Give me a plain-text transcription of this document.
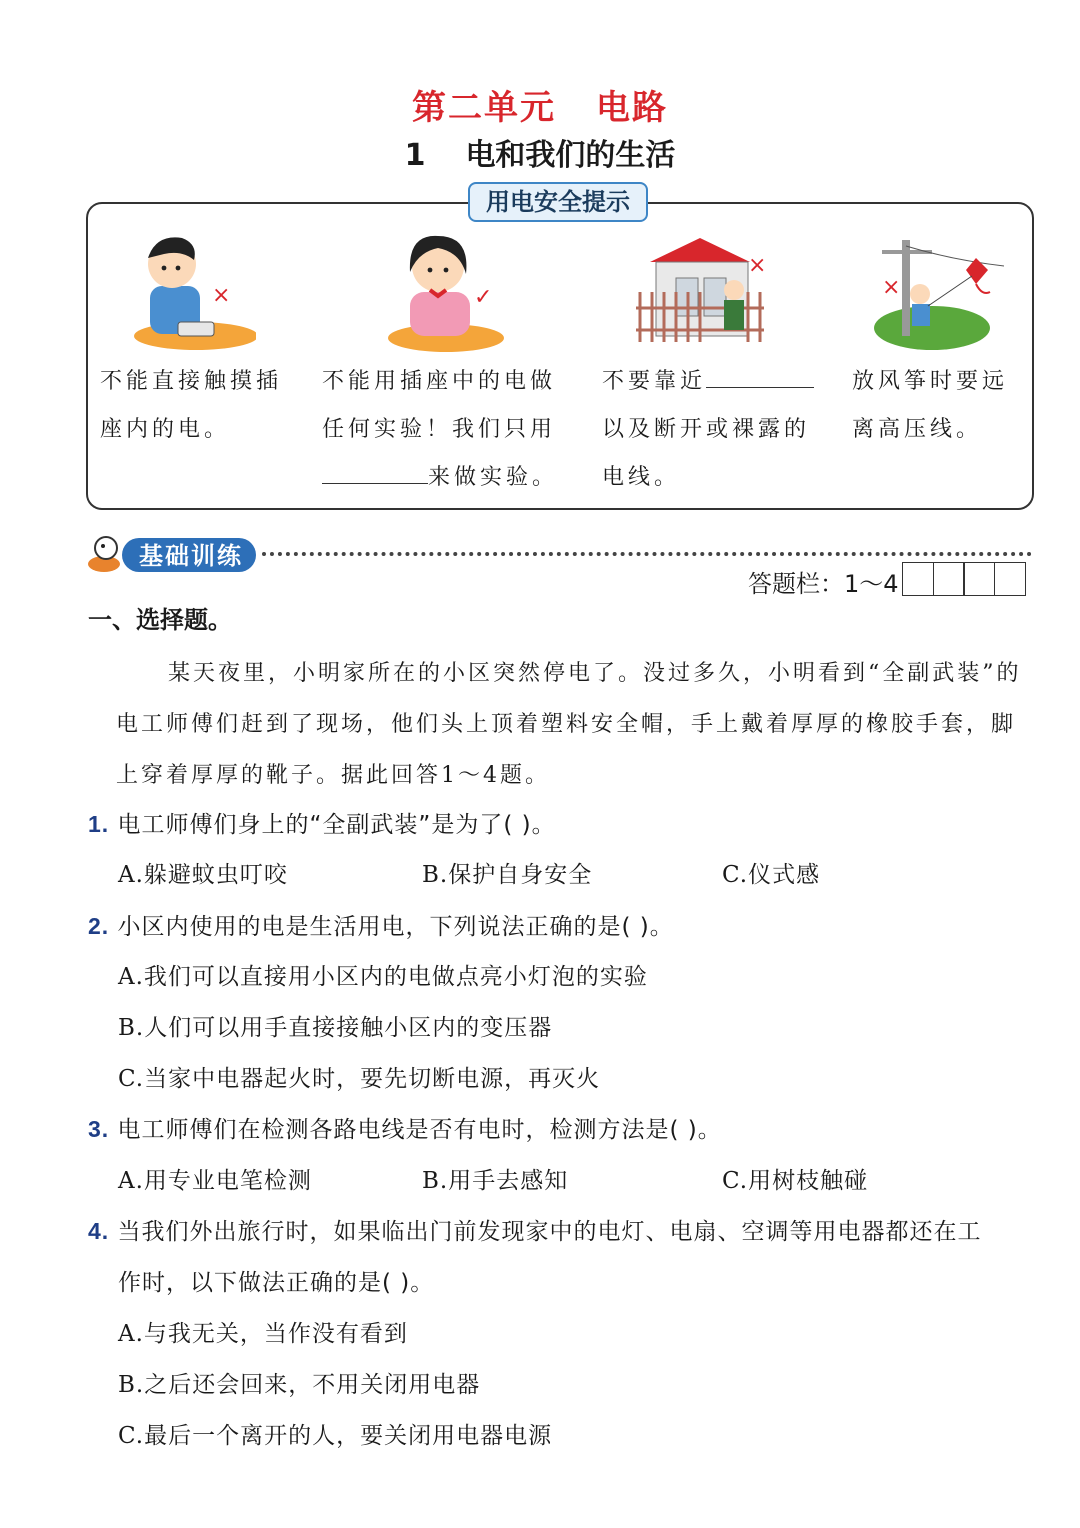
第二单元 电路
1 电和我们的生活
用电安全提示
×	✓
×
×
不能直接触摸插
座内的电。
不能用插座中的电做
任何实验！我们只用
来做实验。
不要靠近
以及断开或裸露的
电线。
放风筝时要远
离高压线。
基础训练
答题栏：1～4
一、选择题。
某天夜里，小明家所在的小区突然停电了。没过多久，小明看到“全副武装”的电工师傅们赶到了现场，他们头上顶着塑料安全帽，手上戴着厚厚的橡胶手套，脚上穿着厚厚的靴子。据此回答1～4题。
1. 电工师傅们身上的“全副武装”是为了( )。
A.躲避蚊虫叮咬	B.保护自身安全	C.仪式感
2. 小区内使用的电是生活用电，下列说法正确的是( )。
A.我们可以直接用小区内的电做点亮小灯泡的实验
B.人们可以用手直接接触小区内的变压器
C.当家中电器起火时，要先切断电源，再灭火
3. 电工师傅们在检测各路电线是否有电时，检测方法是( )。
A.用专业电笔检测	B.用手去感知	C.用树枝触碰
4. 当我们外出旅行时，如果临出门前发现家中的电灯、电扇、空调等用电器都还在工
作时，以下做法正确的是( )。
A.与我无关，当作没有看到
B.之后还会回来，不用关闭用电器
C.最后一个离开的人，要关闭用电器电源
